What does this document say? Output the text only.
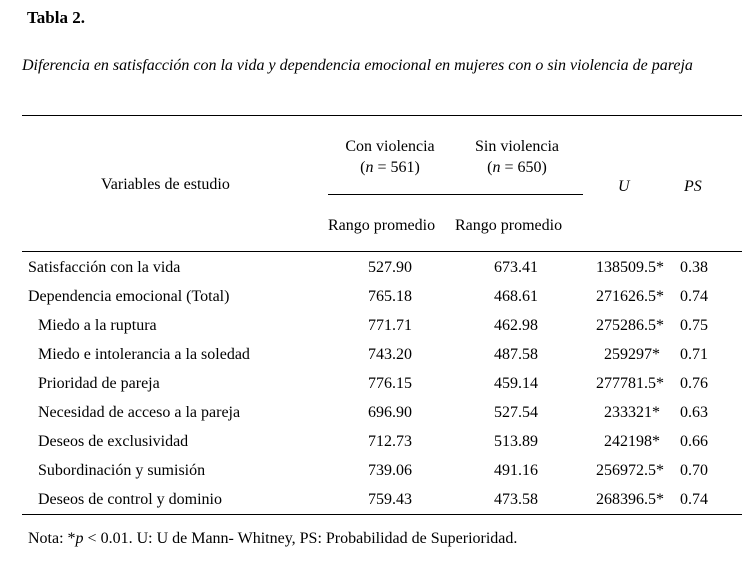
Tabla 2.
Diferencia en satisfacción con la vida y dependencia emocional en mujeres con o sin violencia de pareja
Variables de estudio
Con violencia
(n = 561)
Sin violencia
(n = 650)
U	PS
Rango promedio Rango promedio
Satisfacción con la vida	527.90	673.41	138509.5* 0.38
Dependencia emocional (Total)	765.18	468.61	271626.5* 0.74
Miedo a la ruptura	771.71	462.98	275286.5* 0.75
Miedo e intolerancia a la soledad	743.20	487.58	259297* 0.71
Prioridad de pareja	776.15	459.14	277781.5* 0.76
Necesidad de acceso a la pareja	696.90	527.54	233321* 0.63
Deseos de exclusividad	712.73	513.89	242198* 0.66
Subordinación y sumisión	739.06	491.16	256972.5* 0.70
Deseos de control y dominio	759.43	473.58	268396.5* 0.74
Nota: *p < 0.01. U: U de Mann- Whitney, PS: Probabilidad de Superioridad.
